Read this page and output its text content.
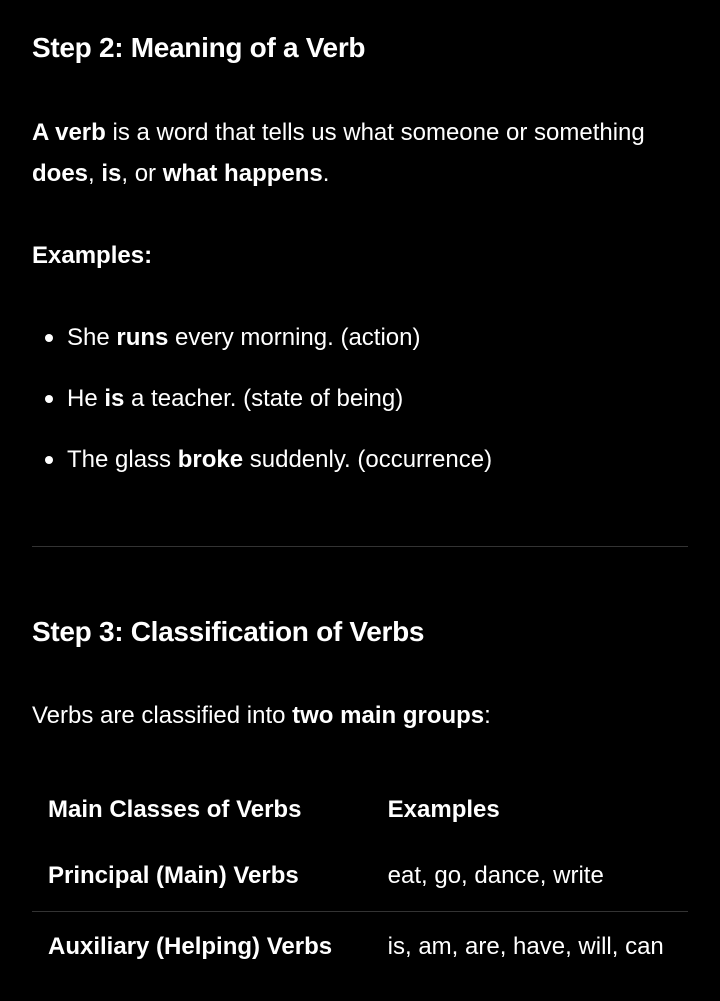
Step 2: Meaning of a Verb

A verb is a word that tells us what someone or something does, is, or what happens.

Examples:

She runs every morning. (action)
He is a teacher. (state of being)
The glass broke suddenly. (occurrence)
Step 3: Classification of Verbs

Verbs are classified into two main groups:

Main Classes of Verbs	Examples
Principal (Main) Verbs	eat, go, dance, write
Auxiliary (Helping) Verbs	is, am, are, have, will, can
